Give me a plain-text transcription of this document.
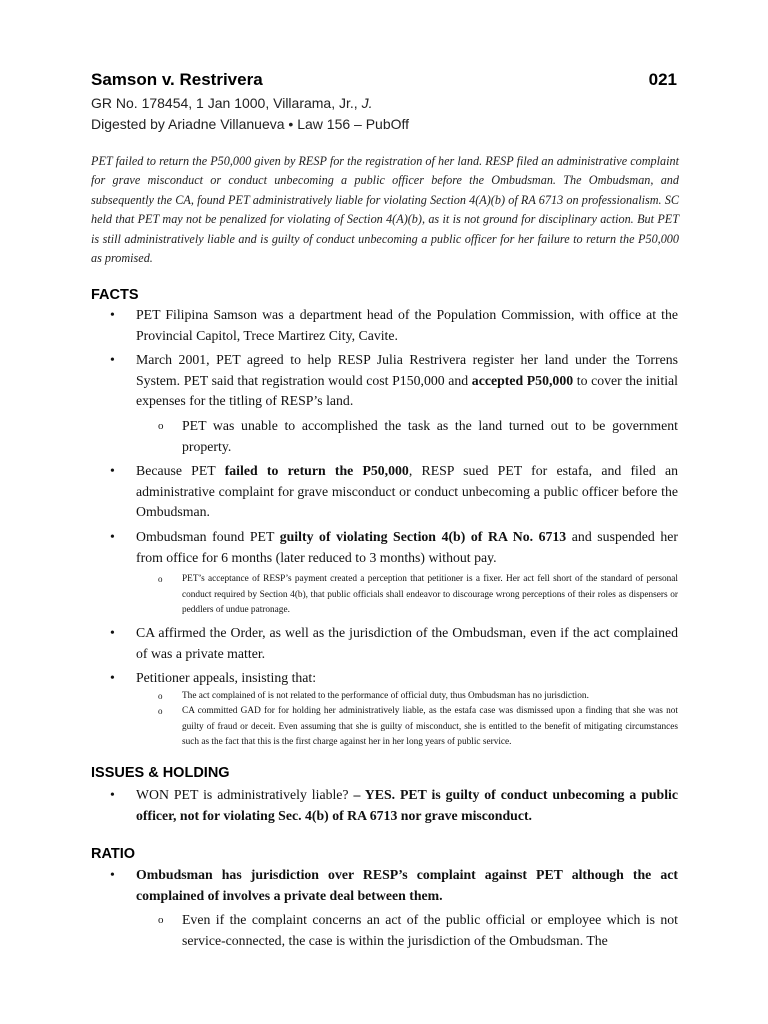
Samson v. Restrivera	021
GR No. 178454, 1 Jan 1000, Villarama, Jr., J.
Digested by Ariadne Villanueva • Law 156 – PubOff
PET failed to return the P50,000 given by RESP for the registration of her land. RESP filed an administrative complaint for grave misconduct or conduct unbecoming a public officer before the Ombudsman. The Ombudsman, and subsequently the CA, found PET administratively liable for violating Section 4(A)(b) of RA 6713 on professionalism. SC held that PET may not be penalized for violating of Section 4(A)(b), as it is not ground for disciplinary action. But PET is still administratively liable and is guilty of conduct unbecoming a public officer for her failure to return the P50,000 as promised.
FACTS
• PET Filipina Samson was a department head of the Population Commission, with office at the Provincial Capitol, Trece Martirez City, Cavite.
• March 2001, PET agreed to help RESP Julia Restrivera register her land under the Torrens System. PET said that registration would cost P150,000 and accepted P50,000 to cover the initial expenses for the titling of RESP’s land.
o PET was unable to accomplished the task as the land turned out to be government property.
• Because PET failed to return the P50,000, RESP sued PET for estafa, and filed an administrative complaint for grave misconduct or conduct unbecoming a public officer before the Ombudsman.
• Ombudsman found PET guilty of violating Section 4(b) of RA No. 6713 and suspended her from office for 6 months (later reduced to 3 months) without pay.
o PET’s acceptance of RESP’s payment created a perception that petitioner is a fixer. Her act fell short of the standard of personal conduct required by Section 4(b), that public officials shall endeavor to discourage wrong perceptions of their roles as dispensers or peddlers of undue patronage.
• CA affirmed the Order, as well as the jurisdiction of the Ombudsman, even if the act complained of was a private matter.
• Petitioner appeals, insisting that:
o The act complained of is not related to the performance of official duty, thus Ombudsman has no jurisdiction.
o CA committed GAD for for holding her administratively liable, as the estafa case was dismissed upon a finding that she was not guilty of fraud or deceit. Even assuming that she is guilty of misconduct, she is entitled to the benefit of mitigating circumstances such as the fact that this is the first charge against her in her long years of public service.
ISSUES & HOLDING
• WON PET is administratively liable? – YES. PET is guilty of conduct unbecoming a public officer, not for violating Sec. 4(b) of RA 6713 nor grave misconduct.
RATIO
• Ombudsman has jurisdiction over RESP’s complaint against PET although the act complained of involves a private deal between them.
o Even if the complaint concerns an act of the public official or employee which is not service-connected, the case is within the jurisdiction of the Ombudsman. The
